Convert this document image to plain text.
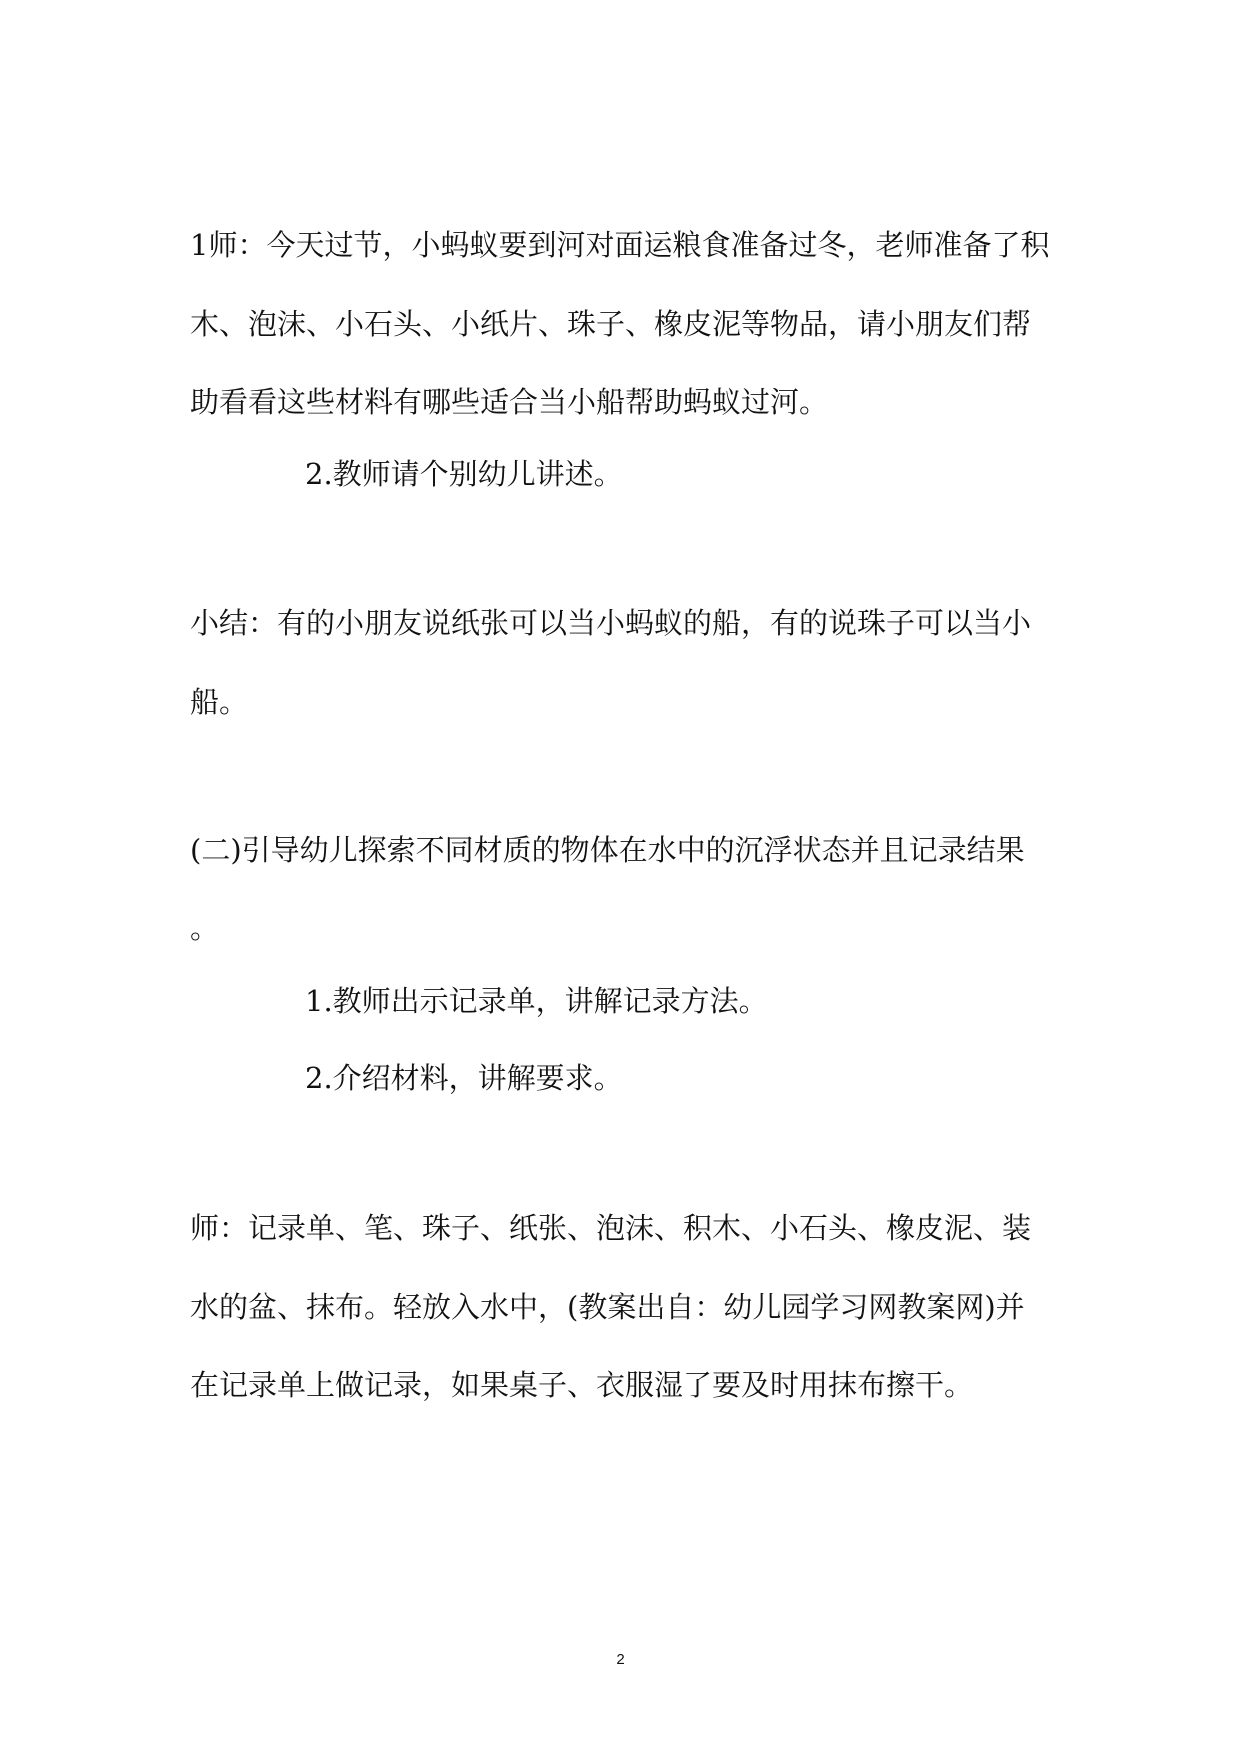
1师：今天过节，小蚂蚁要到河对面运粮食准备过冬，老师准备了积

木、泡沫、小石头、小纸片、珠子、橡皮泥等物品，请小朋友们帮

助看看这些材料有哪些适合当小船帮助蚂蚁过河。

2.教师请个别幼儿讲述。

小结：有的小朋友说纸张可以当小蚂蚁的船，有的说珠子可以当小

船。

(二)引导幼儿探索不同材质的物体在水中的沉浮状态并且记录结果

。

1.教师出示记录单，讲解记录方法。

2.介绍材料，讲解要求。

师：记录单、笔、珠子、纸张、泡沫、积木、小石头、橡皮泥、装

水的盆、抹布。轻放入水中，(教案出自：幼儿园学习网教案网)并

在记录单上做记录，如果桌子、衣服湿了要及时用抹布擦干。

2
